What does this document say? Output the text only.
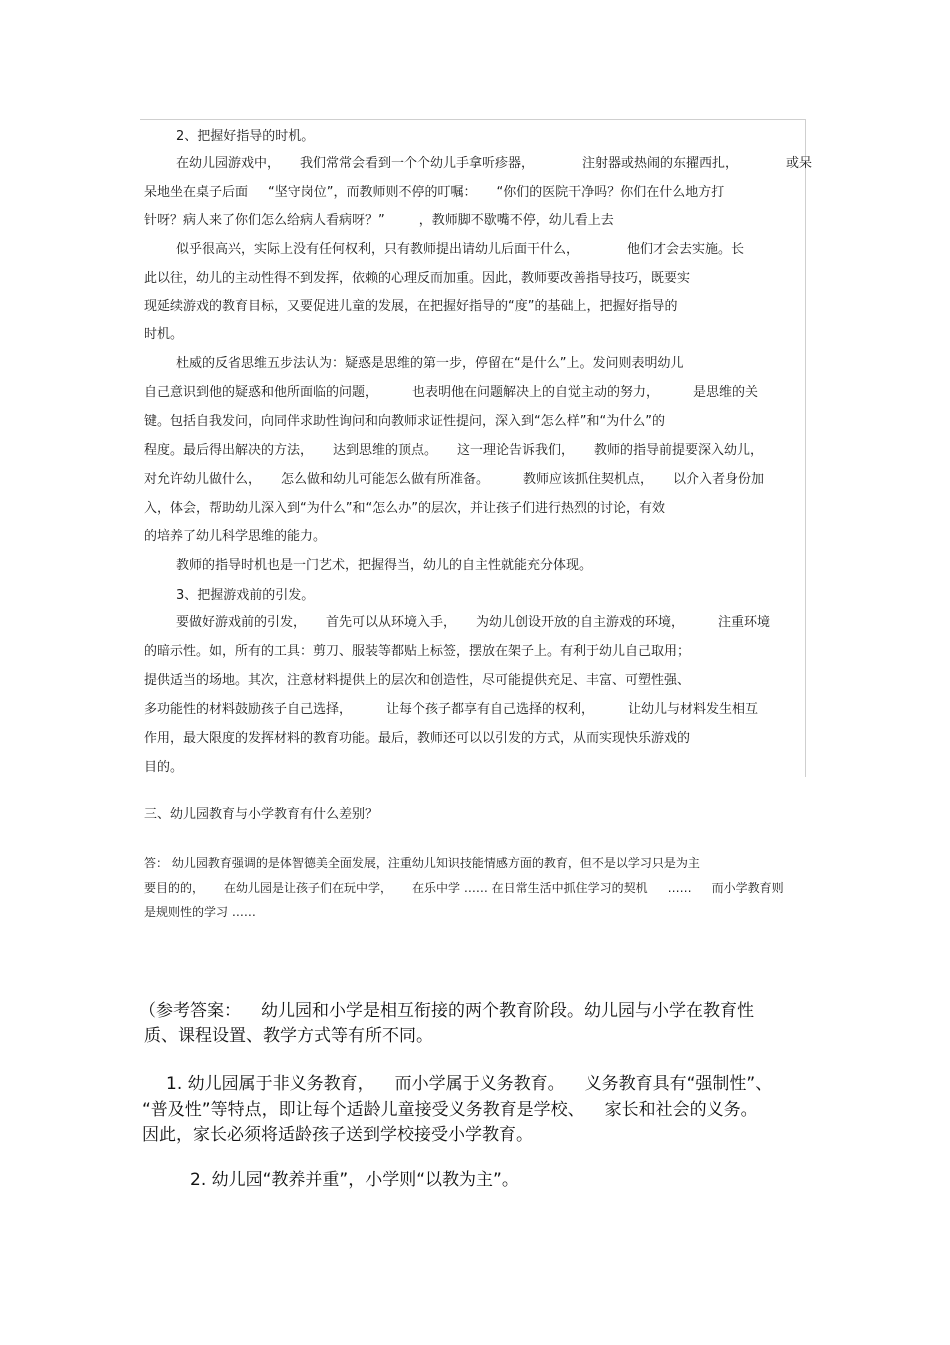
2、把握好指导的时机。
在幼儿园游戏中， 我们常常会看到一个个幼儿手拿听疹器，	注射器或热闹的东擢西扎，	或呆
呆地坐在桌子后面 “坚守岗位”，而教师则不停的叮嘱： “你们的医院干净吗？你们在什么地方打
针呀？病人来了你们怎么给病人看病呀？”	，教师脚不歇嘴不停，幼儿看上去
似乎很高兴，实际上没有任何权利，只有教师提出请幼儿后面干什么，	他们才会去实施。长
此以往，幼儿的主动性得不到发挥，依赖的心理反而加重。因此，教师要改善指导技巧，既要实
现延续游戏的教育目标，又要促进儿童的发展，在把握好指导的“度”的基础上，把握好指导的
时机。
杜威的反省思维五步法认为：疑惑是思维的第一步，停留在“是什么”上。发问则表明幼儿
自己意识到他的疑惑和他所面临的问题，	也表明他在问题解决上的自觉主动的努力，	是思维的关
键。包括自我发问，向同伴求助性询问和向教师求证性提问，深入到“怎么样”和“为什么”的
程度。最后得出解决的方法， 达到思维的顶点。 这一理论告诉我们， 教师的指导前提要深入幼儿，
对允许幼儿做什么， 怎么做和幼儿可能怎么做有所准备。	教师应该抓住契机点， 以介入者身份加
入，体会，帮助幼儿深入到“为什么”和“怎么办”的层次，并让孩子们进行热烈的讨论，有效
的培养了幼儿科学思维的能力。
教师的指导时机也是一门艺术，把握得当，幼儿的自主性就能充分体现。
3、把握游戏前的引发。
要做好游戏前的引发， 首先可以从环境入手， 为幼儿创设开放的自主游戏的环境，	注重环境
的暗示性。如，所有的工具：剪刀、服装等都贴上标签，摆放在架子上。有利于幼儿自己取用；
提供适当的场地。其次，注意材料提供上的层次和创造性，尽可能提供充足、丰富、可塑性强、
多功能性的材料鼓励孩子自己选择，	让每个孩子都享有自己选择的权利，	让幼儿与材料发生相互
作用，最大限度的发挥材料的教育功能。最后，教师还可以以引发的方式，从而实现快乐游戏的
目的。
三、幼儿园教育与小学教育有什么差别？
答： 幼儿园教育强调的是体智德美全面发展，注重幼儿知识技能情感方面的教育，但不是以学习只是为主
要目的的， 在幼儿园是让孩子们在玩中学， 在乐中学 …… 在日常生活中抓住学习的契机 …… 而小学教育则
是规则性的学习 ……
（参考答案： 幼儿园和小学是相互衔接的两个教育阶段。幼儿园与小学在教育性
质、课程设置、教学方式等有所不同。
1. 幼儿园属于非义务教育， 而小学属于义务教育。 义务教育具有“强制性”、
“普及性”等特点，即让每个适龄儿童接受义务教育是学校、 家长和社会的义务。
因此，家长必须将适龄孩子送到学校接受小学教育。
2. 幼儿园“教养并重”，小学则“以教为主”。
